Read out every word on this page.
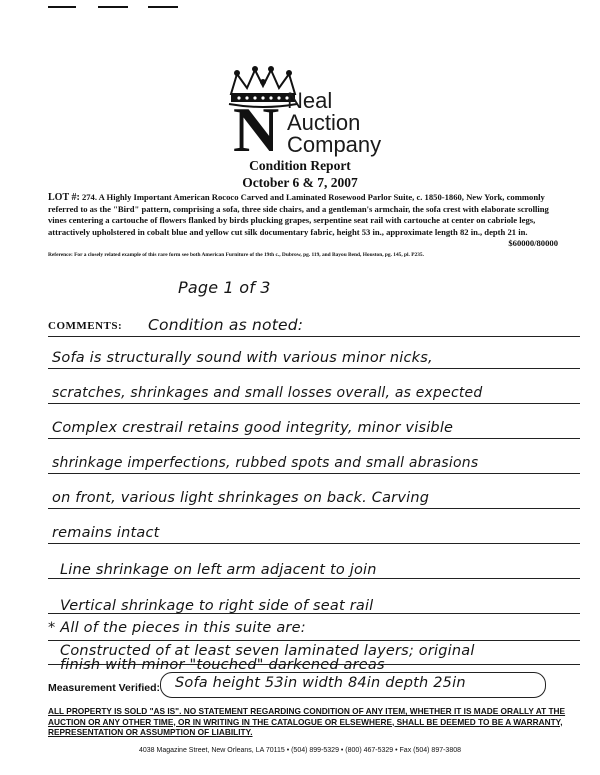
N Neal
Auction
Company
Condition Report
October 6 & 7, 2007
LOT #: 274. A Highly Important American Rococo Carved and Laminated Rosewood Parlor Suite, c. 1850-1860, New York, commonly referred to as the "Bird" pattern, comprising a sofa, three side chairs, and a gentleman's armchair, the sofa crest with elaborate scrolling vines centering a cartouche of flowers flanked by birds plucking grapes, serpentine seat rail with cartouche at center on cabriole legs, attractively upholstered in cobalt blue and yellow cut silk documentary fabric, height 53 in., approximate length 82 in., depth 21 in.
$60000/80000
Reference: For a closely related example of this rare form see both American Furniture of the 19th c., Dubrow, pg. 119, and Bayou Bend, Houston, pg. 145, pl. P235.
Page 1 of 3
COMMENTS: Condition as noted:
Sofa is structurally sound with various minor nicks,
scratches, shrinkages and small losses overall, as expected
Complex crestrail retains good integrity, minor visible
shrinkage imperfections, rubbed spots and small abrasions
on front, various light shrinkages on back. Carving
remains intact
Line shrinkage on left arm adjacent to join
Vertical shrinkage to right side of seat rail
* All of the pieces in this suite are:
Constructed of at least seven laminated layers; original
finish with minor "touched" darkened areas
Measurement Verified: Sofa height 53in width 84in depth 25in
ALL PROPERTY IS SOLD "AS IS". NO STATEMENT REGARDING CONDITION OF ANY ITEM, WHETHER IT IS MADE ORALLY AT THE AUCTION OR ANY OTHER TIME, OR IN WRITING IN THE CATALOGUE OR ELSEWHERE, SHALL BE DEEMED TO BE A WARRANTY, REPRESENTATION OR ASSUMPTION OF LIABILITY.
4038 Magazine Street, New Orleans, LA 70115 • (504) 899-5329 • (800) 467-5329 • Fax (504) 897-3808
